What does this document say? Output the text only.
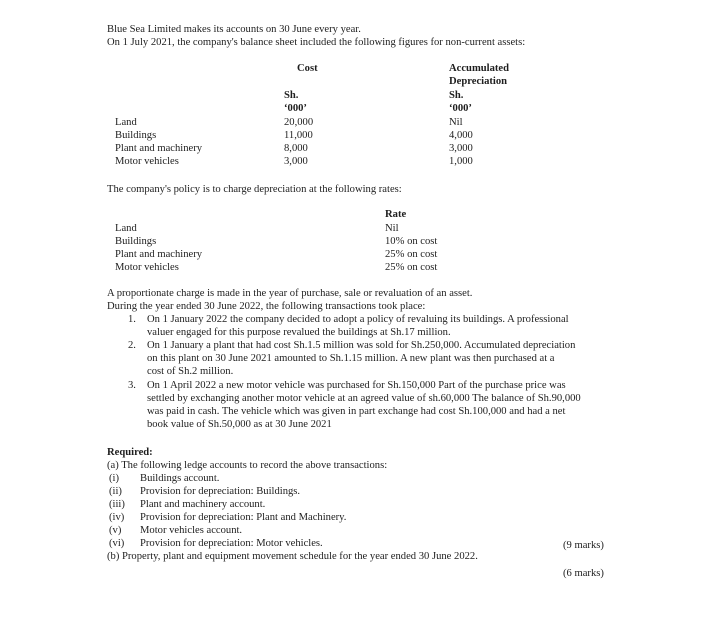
Blue Sea Limited makes its accounts on 30 June every year.
On 1 July 2021, the company's balance sheet included the following figures for non-current assets:
Cost	Accumulated
Depreciation
Sh.	Sh.
‘000’	‘000’
Land	20,000	Nil
Buildings	11,000	4,000
Plant and machinery	8,000	3,000
Motor vehicles	3,000	1,000
The company's policy is to charge depreciation at the following rates:
Rate
Land	Nil
Buildings	10% on cost
Plant and machinery	25% on cost
Motor vehicles	25% on cost
A proportionate charge is made in the year of purchase, sale or revaluation of an asset.
During the year ended 30 June 2022, the following transactions took place:
1. On 1 January 2022 the company decided to adopt a policy of revaluing its buildings. A professional
valuer engaged for this purpose revalued the buildings at Sh.17 million.
2. On 1 January a plant that had cost Sh.1.5 million was sold for Sh.250,000. Accumulated depreciation
on this plant on 30 June 2021 amounted to Sh.1.15 million. A new plant was then purchased at a
cost of Sh.2 million.
3. On 1 April 2022 a new motor vehicle was purchased for Sh.150,000 Part of the purchase price was
settled by exchanging another motor vehicle at an agreed value of sh.60,000 The balance of Sh.90,000
was paid in cash. The vehicle which was given in part exchange had cost Sh.100,000 and had a net
book value of Sh.50,000 as at 30 June 2021
Required:
(a) The following ledge accounts to record the above transactions:
(i) Buildings account.
(ii) Provision for depreciation: Buildings.
(iii) Plant and machinery account.
(iv) Provision for depreciation: Plant and Machinery.
(v) Motor vehicles account.
(vi) Provision for depreciation: Motor vehicles.	(9 marks)
(b) Property, plant and equipment movement schedule for the year ended 30 June 2022.
(6 marks)
